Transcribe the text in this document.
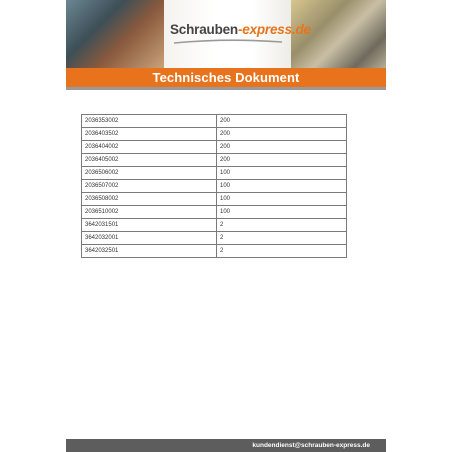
Schrauben-express.de
Technisches Dokument
2036353002	200
2036403502	200
2036404002	200
2036405002	200
2036506002	100
2036507002	100
2036508002	100
2036510002	100
3642031501	2
3642032001	2
3642032501	2
kundendienst@schrauben-express.de
